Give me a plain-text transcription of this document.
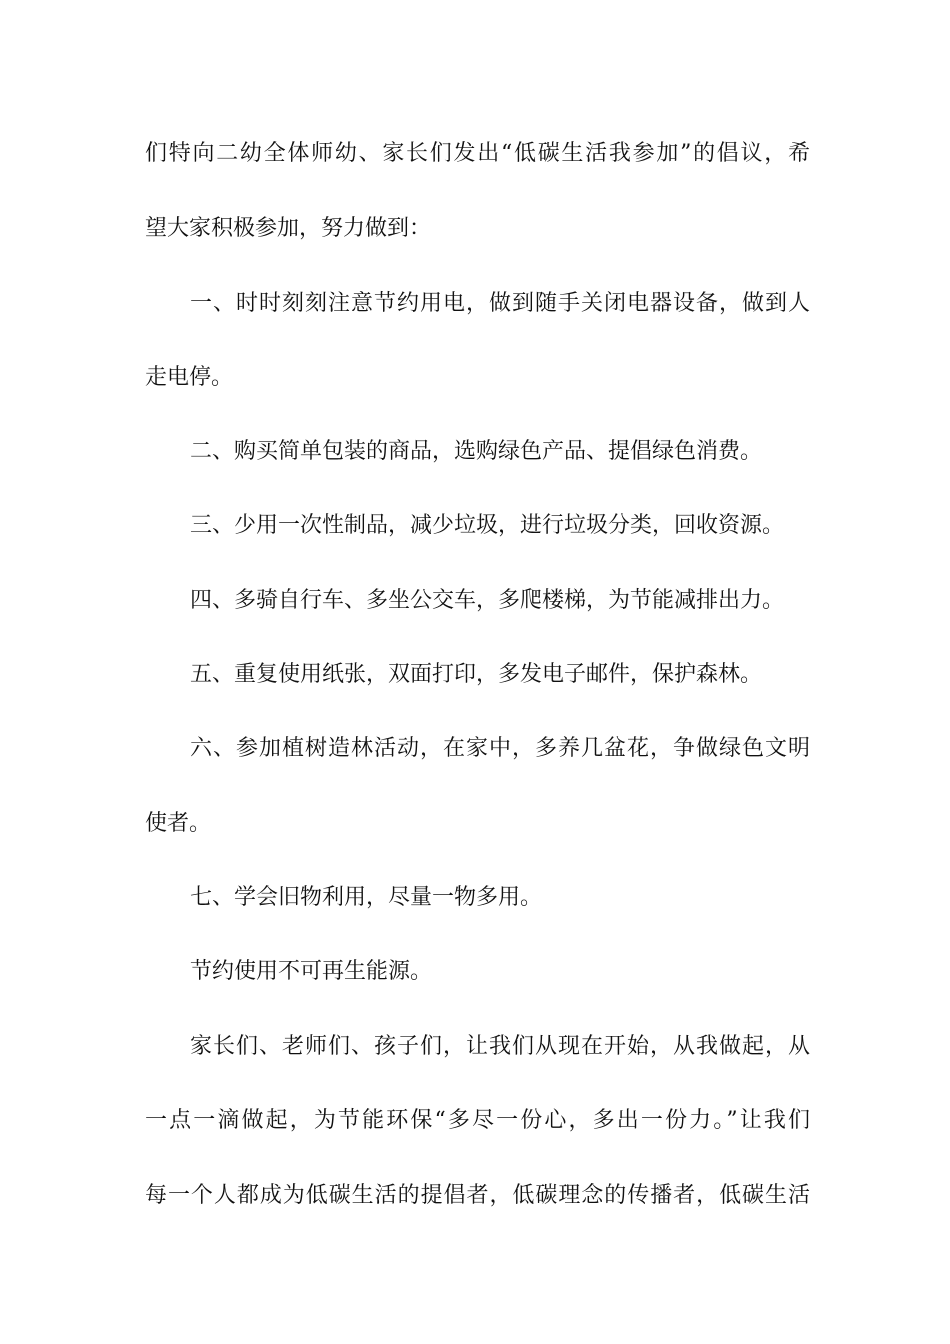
们特向二幼全体师幼、家长们发出“低碳生活我参加”的倡议，希
望大家积极参加，努力做到：
一、时时刻刻注意节约用电，做到随手关闭电器设备，做到人
走电停。
二、购买简单包装的商品，选购绿色产品、提倡绿色消费。
三、少用一次性制品，减少垃圾，进行垃圾分类，回收资源。
四、多骑自行车、多坐公交车，多爬楼梯，为节能减排出力。
五、重复使用纸张，双面打印，多发电子邮件，保护森林。
六、参加植树造林活动，在家中，多养几盆花，争做绿色文明
使者。
七、学会旧物利用，尽量一物多用。
节约使用不可再生能源。
家长们、老师们、孩子们，让我们从现在开始，从我做起，从
一点一滴做起，为节能环保“多尽一份心，多出一份力。”让我们
每一个人都成为低碳生活的提倡者，低碳理念的传播者，低碳生活
